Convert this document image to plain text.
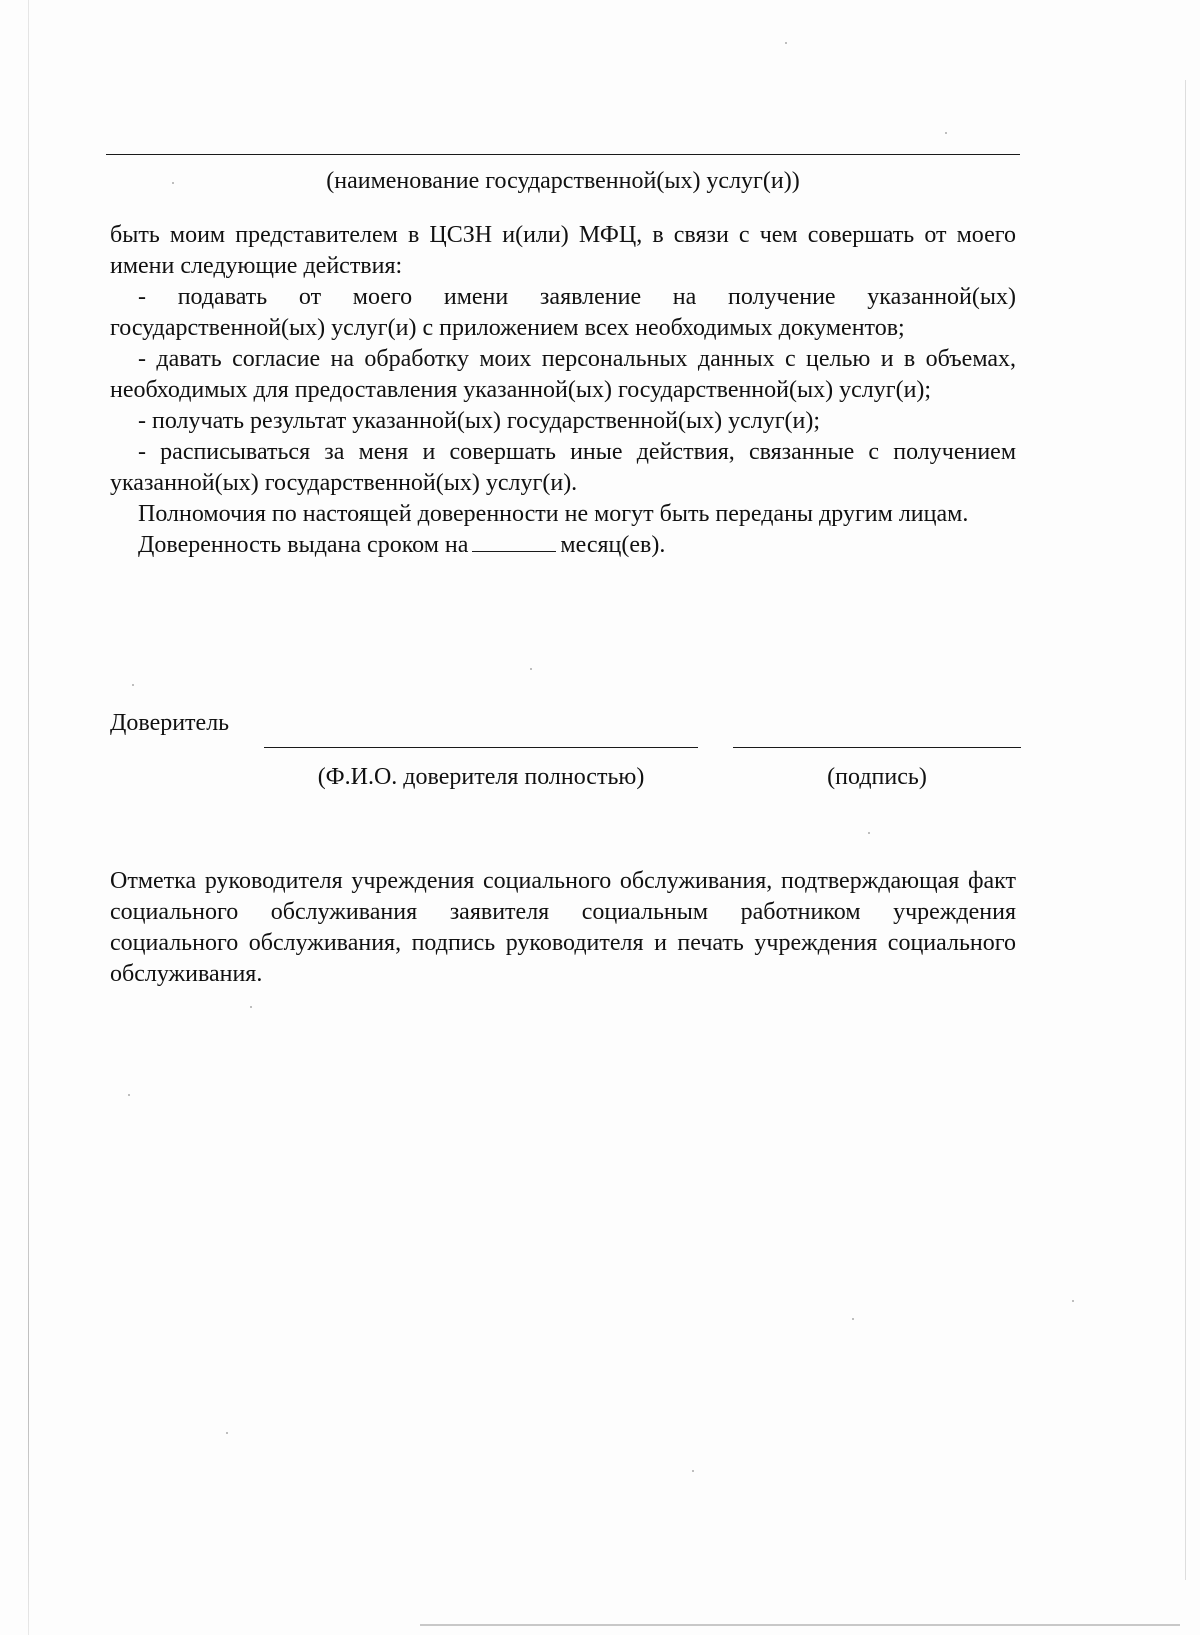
(наименование государственной(ых) услуг(и))

быть моим представителем в ЦСЗН и(или) МФЦ, в связи с чем совершать от моего имени следующие действия:

- подавать от моего имени заявление на получение указанной(ых) государственной(ых) услуг(и) с приложением всех необходимых документов;

- давать согласие на обработку моих персональных данных с целью и в объемах, необходимых для предоставления указанной(ых) государственной(ых) услуг(и);

- получать результат указанной(ых) государственной(ых) услуг(и);

- расписываться за меня и совершать иные действия, связанные с получением указанной(ых) государственной(ых) услуг(и).

Полномочия по настоящей доверенности не могут быть переданы другим лицам.

Доверенность выдана сроком на	месяц(ев).

Доверитель
(Ф.И.О. доверителя полностью)	(подпись)

Отметка руководителя учреждения социального обслуживания, подтверждающая факт социального обслуживания заявителя социальным работником учреждения социального обслуживания, подпись руководителя и печать учреждения социального обслуживания.
